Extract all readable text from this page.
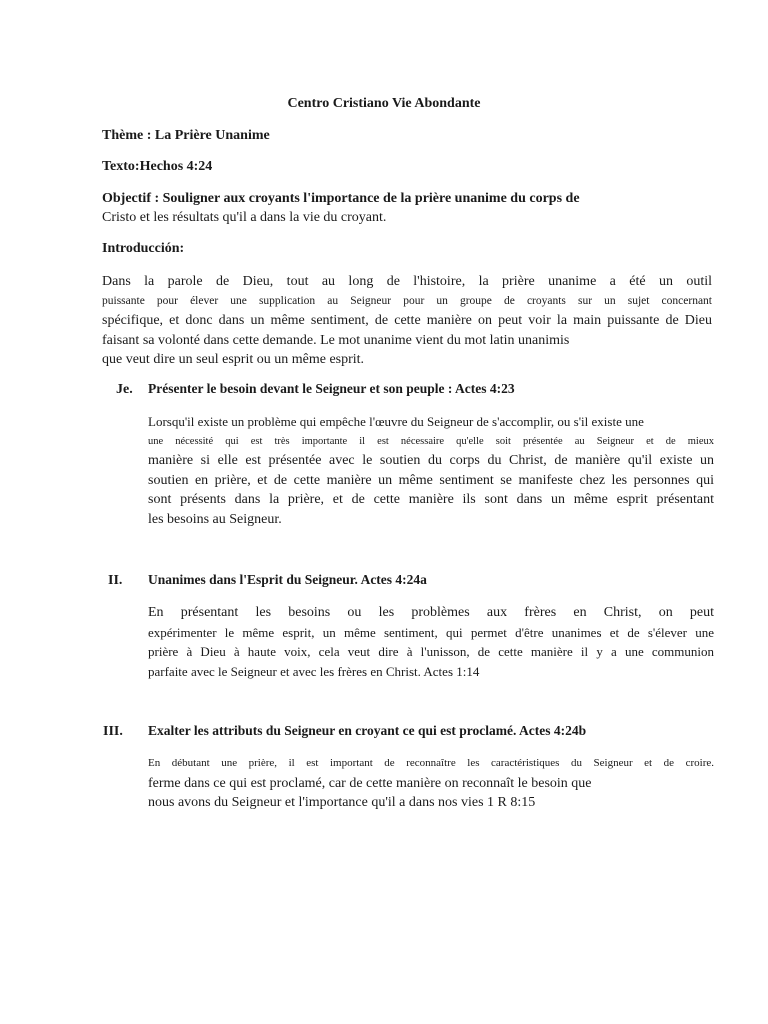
Centro Cristiano Vie Abondante
Thème : La Prière Unanime
Texto:Hechos 4:24
Objectif : Souligner aux croyants l'importance de la prière unanime du corps de
Cristo et les résultats qu'il a dans la vie du croyant.
Introducción:
Dans la parole de Dieu, tout au long de l'histoire, la prière unanime a été un outil
puissante pour élever une supplication au Seigneur pour un groupe de croyants sur un sujet concernant
spécifique, et donc dans un même sentiment, de cette manière on peut voir la main puissante de Dieu
faisant sa volonté dans cette demande. Le mot unanime vient du mot latin unanimis
que veut dire un seul esprit ou un même esprit.
Je. Présenter le besoin devant le Seigneur et son peuple : Actes 4:23
Lorsqu'il existe un problème qui empêche l'œuvre du Seigneur de s'accomplir, ou s'il existe une
une nécessité qui est très importante il est nécessaire qu'elle soit présentée au Seigneur et de mieux
manière si elle est présentée avec le soutien du corps du Christ, de manière qu'il existe un
soutien en prière, et de cette manière un même sentiment se manifeste chez les personnes qui
sont présents dans la prière, et de cette manière ils sont dans un même esprit présentant
les besoins au Seigneur.
II. Unanimes dans l'Esprit du Seigneur. Actes 4:24a
En présentant les besoins ou les problèmes aux frères en Christ, on peut
expérimenter le même esprit, un même sentiment, qui permet d'être unanimes et de s'élever une
prière à Dieu à haute voix, cela veut dire à l'unisson, de cette manière il y a une communion
parfaite avec le Seigneur et avec les frères en Christ. Actes 1:14
III. Exalter les attributs du Seigneur en croyant ce qui est proclamé. Actes 4:24b
En débutant une prière, il est important de reconnaître les caractéristiques du Seigneur et de croire.
ferme dans ce qui est proclamé, car de cette manière on reconnaît le besoin que
nous avons du Seigneur et l'importance qu'il a dans nos vies 1 R 8:15
